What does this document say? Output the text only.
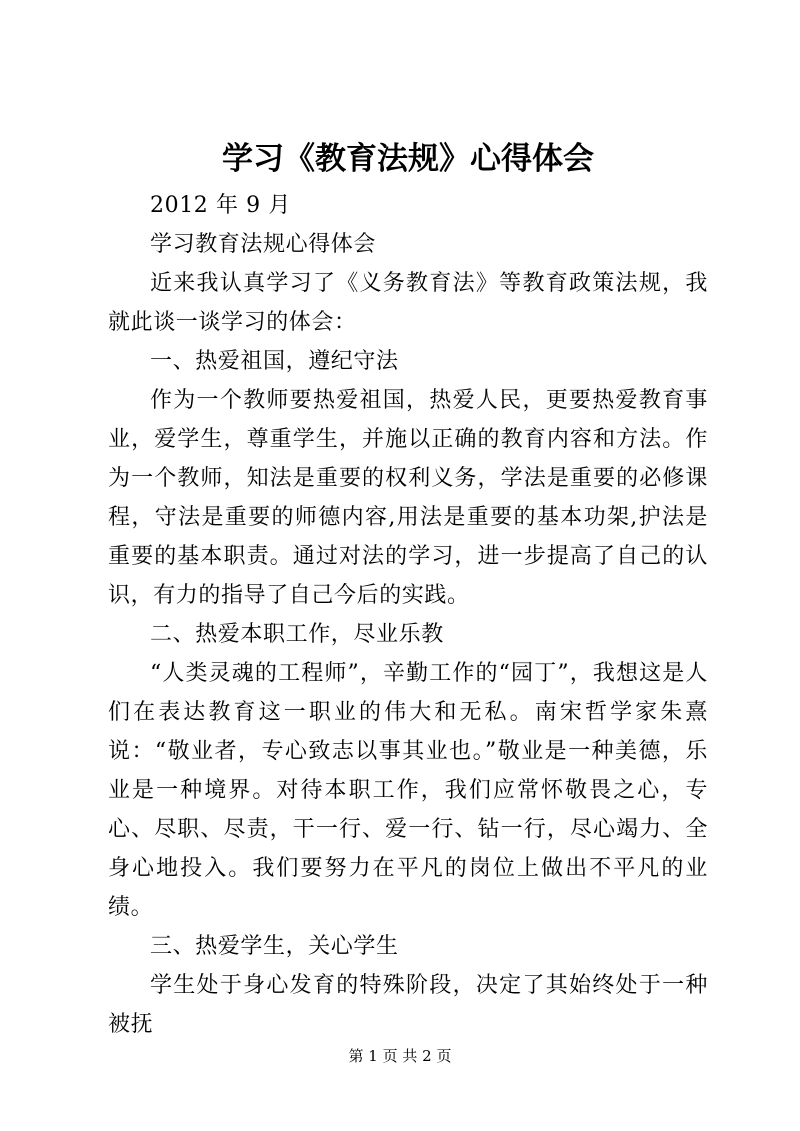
学习《教育法规》心得体会

2012 年 9 月

学习教育法规心得体会

近来我认真学习了《义务教育法》等教育政策法规，我就此谈一谈学习的体会：

一、热爱祖国，遵纪守法

作为一个教师要热爱祖国，热爱人民，更要热爱教育事业，爱学生，尊重学生，并施以正确的教育内容和方法。作为一个教师，知法是重要的权利义务，学法是重要的必修课程，守法是重要的师德内容,用法是重要的基本功架,护法是重要的基本职责。通过对法的学习，进一步提高了自己的认识，有力的指导了自己今后的实践。

二、热爱本职工作，尽业乐教

“人类灵魂的工程师”，辛勤工作的“园丁”，我想这是人们在表达教育这一职业的伟大和无私。南宋哲学家朱熹说：“敬业者，专心致志以事其业也。”敬业是一种美德，乐业是一种境界。对待本职工作，我们应常怀敬畏之心，专心、尽职、尽责，干一行、爱一行、钻一行，尽心竭力、全身心地投入。我们要努力在平凡的岗位上做出不平凡的业绩。

三、热爱学生，关心学生

学生处于身心发育的特殊阶段，决定了其始终处于一种被抚

第 1 页 共 2 页
